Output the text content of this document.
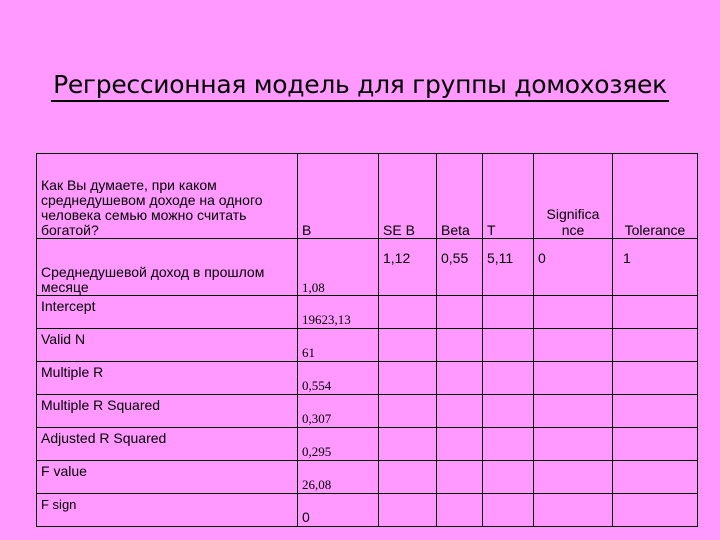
Регрессионная модель для группы домохозяек
Как Вы думаете, при каком среднедушевом доходе на одного человека семью можно считать богатой?	B	SE B	Beta	T	Significa nce	Tolerance
Среднедушевой доход в прошлом месяце	1,08	1,12	0,55	5,11	0	1
Intercept	19623,13					
Valid N	61					
Multiple R	0,554					
Multiple R Squared	0,307					
Adjusted R Squared	0,295					
F value	26,08					
F sign	0					
